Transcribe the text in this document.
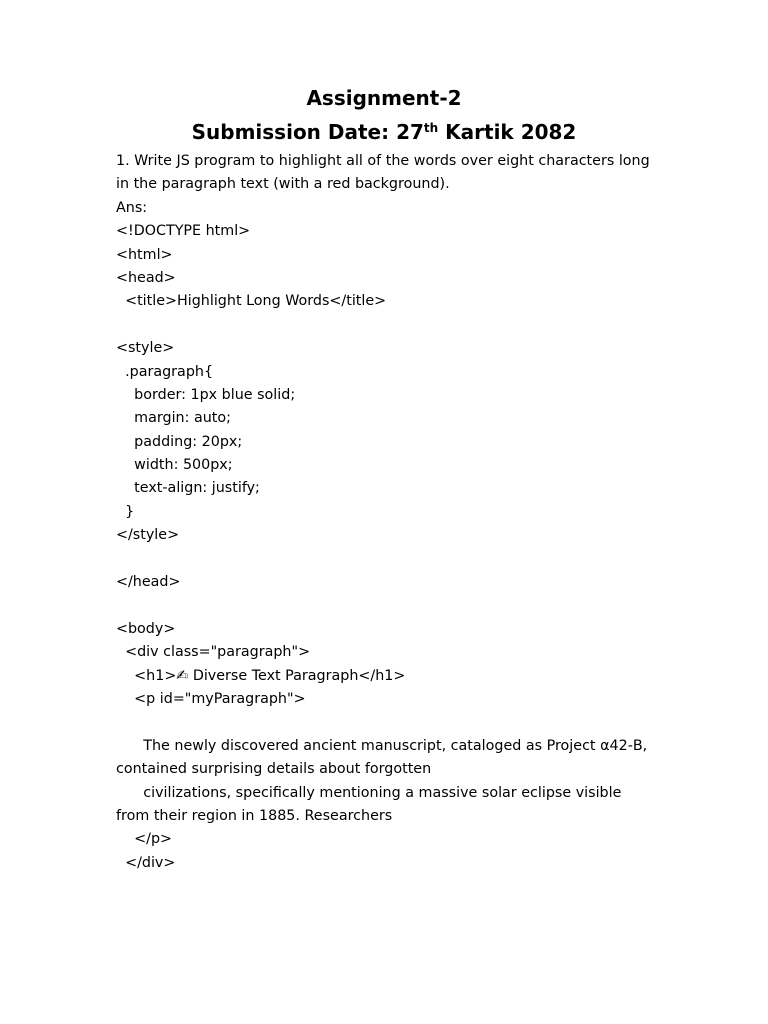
Assignment-2
Submission Date: 27th Kartik 2082
1. Write JS program to highlight all of the words over eight characters long
in the paragraph text (with a red background).
Ans:
<!DOCTYPE html>
<html>
<head>
<title>Highlight Long Words</title>
<style>
.paragraph{
border: 1px blue solid;
margin: auto;
padding: 20px;
width: 500px;
text-align: justify;
}
</style>
</head>
<body>
<div class="paragraph">
<h1>✍ Diverse Text Paragraph</h1>
<p id="myParagraph">
The newly discovered ancient manuscript, cataloged as Project α42-B,
contained surprising details about forgotten
civilizations, specifically mentioning a massive solar eclipse visible
from their region in 1885. Researchers
</p>
</div>
